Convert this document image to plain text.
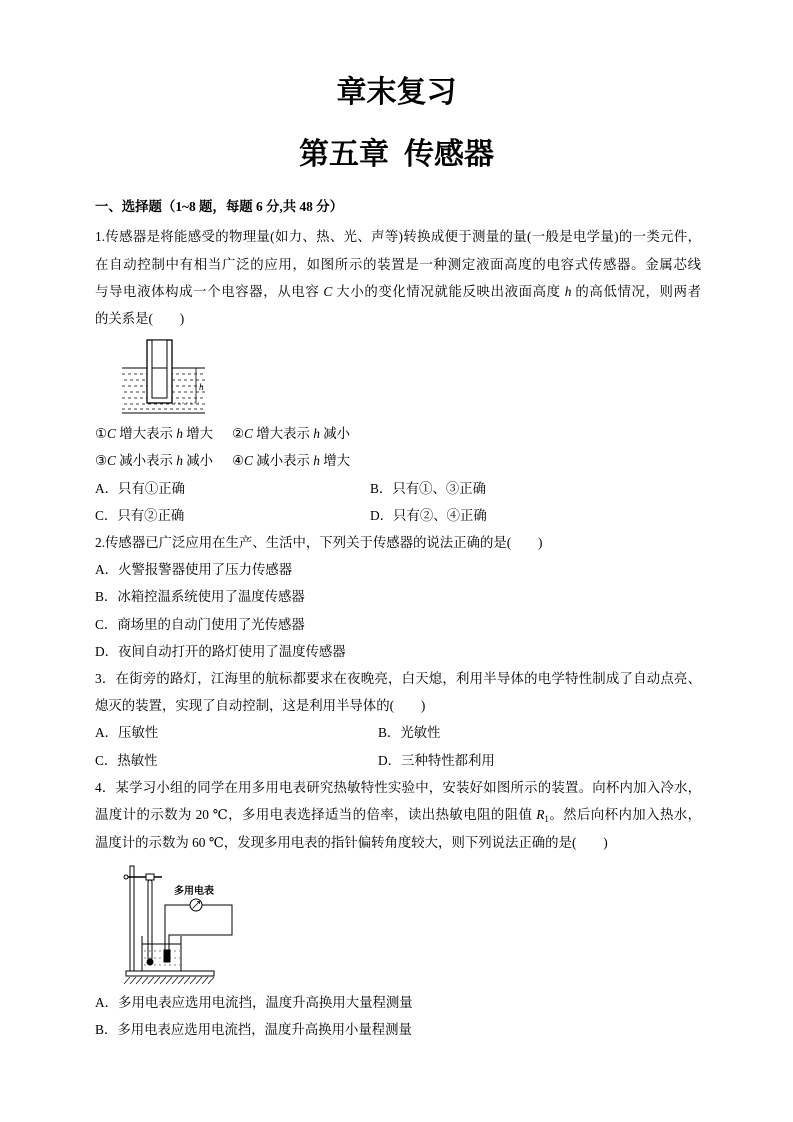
章末复习
第五章  传感器
一、选择题（1~8 题，每题 6 分,共 48 分）
1.传感器是将能感受的物理量(如力、热、光、声等)转换成便于测量的量(一般是电学量)的一类元件，
在自动控制中有相当广泛的应用，如图所示的装置是一种测定液面高度的电容式传感器。金属芯线
与导电液体构成一个电容器，从电容 C 大小的变化情况就能反映出液面高度 h 的高低情况，则两者
的关系是(　　)
h
①C 增大表示 h 增大 ②C 增大表示 h 减小
③C 减小表示 h 减小 ④C 减小表示 h 增大
A．只有①正确	B．只有①、③正确
C．只有②正确	D．只有②、④正确
2.传感器已广泛应用在生产、生活中，下列关于传感器的说法正确的是(　　)
A．火警报警器使用了压力传感器
B．冰箱控温系统使用了温度传感器
C．商场里的自动门使用了光传感器
D．夜间自动打开的路灯使用了温度传感器
3．在街旁的路灯，江海里的航标都要求在夜晚亮，白天熄，利用半导体的电学特性制成了自动点亮、
熄灭的装置，实现了自动控制，这是利用半导体的(　　)
A．压敏性	B．光敏性
C．热敏性	D．三种特性都利用
4．某学习小组的同学在用多用电表研究热敏特性实验中，安装好如图所示的装置。向杯内加入冷水，
温度计的示数为 20 ℃，多用电表选择适当的倍率，读出热敏电阻的阻值 $R_1$。然后向杯内加入热水，
温度计的示数为 60 ℃，发现多用电表的指针偏转角度较大，则下列说法正确的是(　　)
多用电表
A．多用电表应选用电流挡，温度升高换用大量程测量
B．多用电表应选用电流挡，温度升高换用小量程测量
